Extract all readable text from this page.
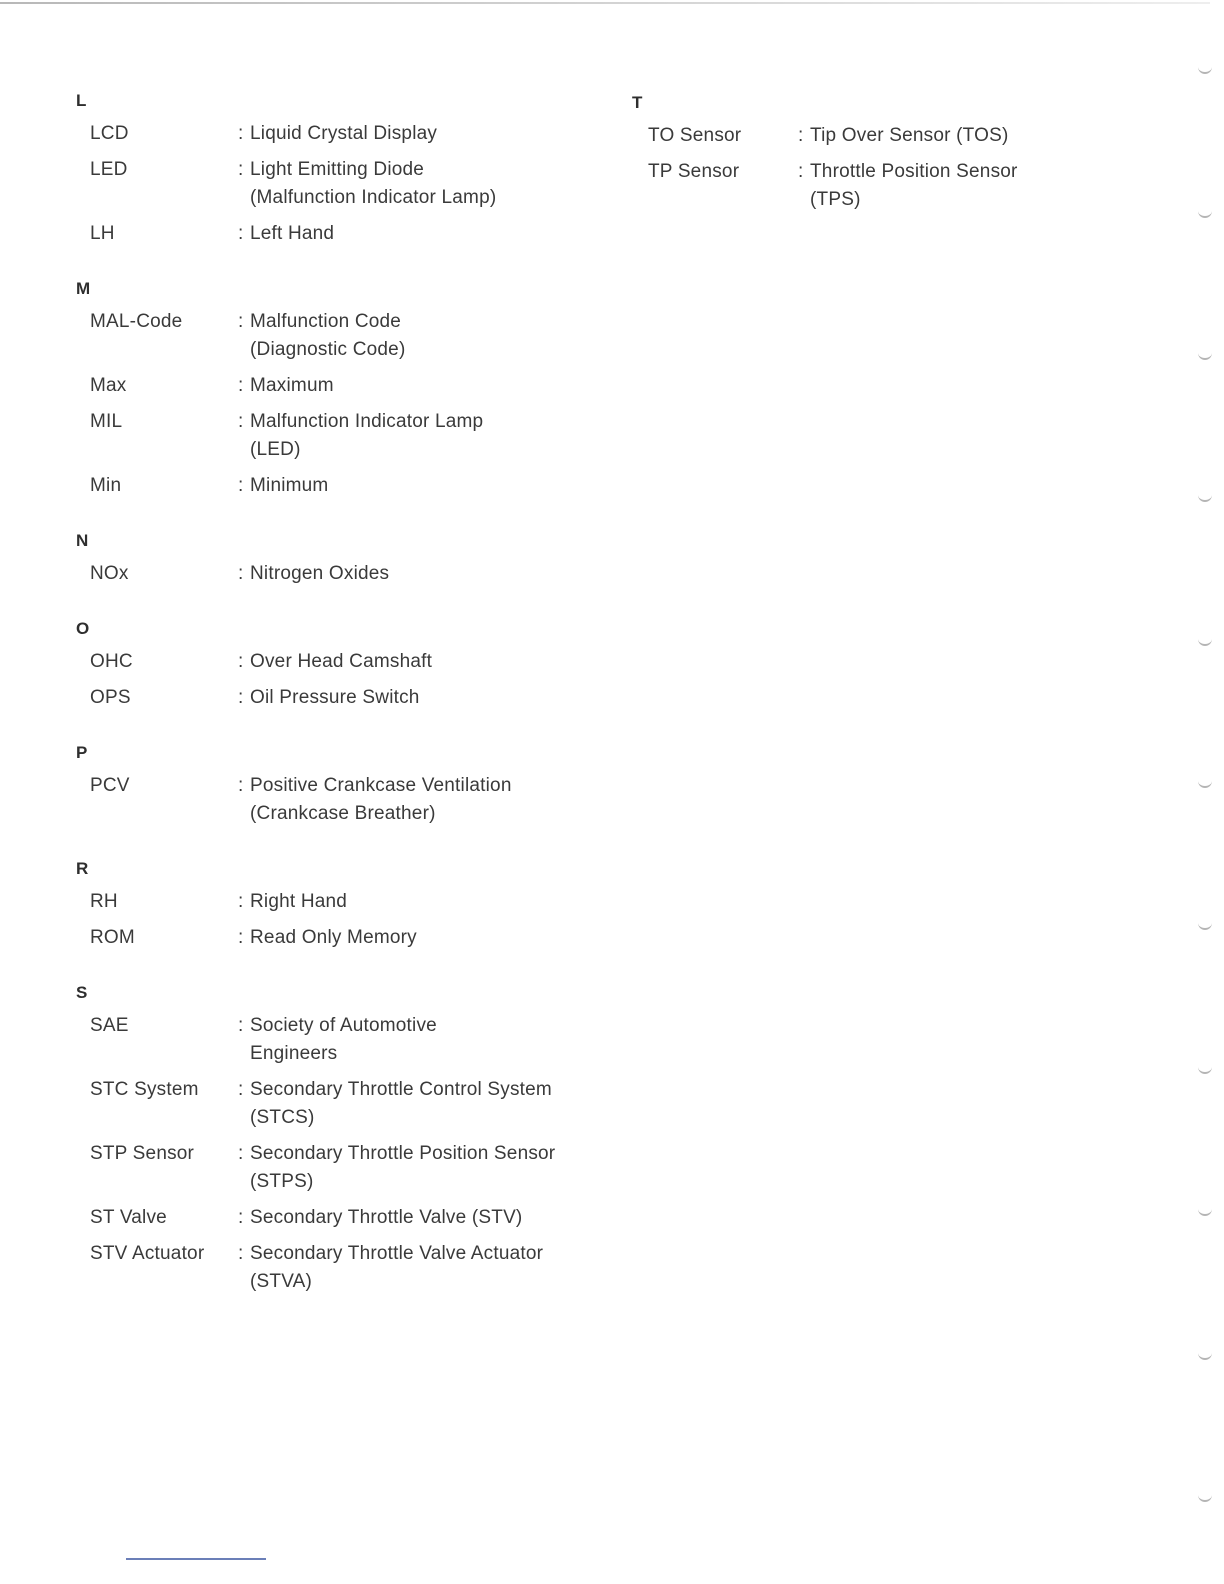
L
LCD	: Liquid Crystal Display
LED	: Light Emitting Diode
(Malfunction Indicator Lamp)
LH	: Left Hand
M
MAL-Code	: Malfunction Code
(Diagnostic Code)
Max	: Maximum
MIL	: Malfunction Indicator Lamp
(LED)
Min	: Minimum
N
NOx	: Nitrogen Oxides
O
OHC	: Over Head Camshaft
OPS	: Oil Pressure Switch
P
PCV	: Positive Crankcase Ventilation
(Crankcase Breather)
R
RH	: Right Hand
ROM	: Read Only Memory
S
SAE	: Society of Automotive
Engineers
STC System	: Secondary Throttle Control System
(STCS)
STP Sensor	: Secondary Throttle Position Sensor
(STPS)
ST Valve	: Secondary Throttle Valve (STV)
STV Actuator	: Secondary Throttle Valve Actuator
(STVA)
T
TO Sensor	: Tip Over Sensor (TOS)
TP Sensor	: Throttle Position Sensor
(TPS)
